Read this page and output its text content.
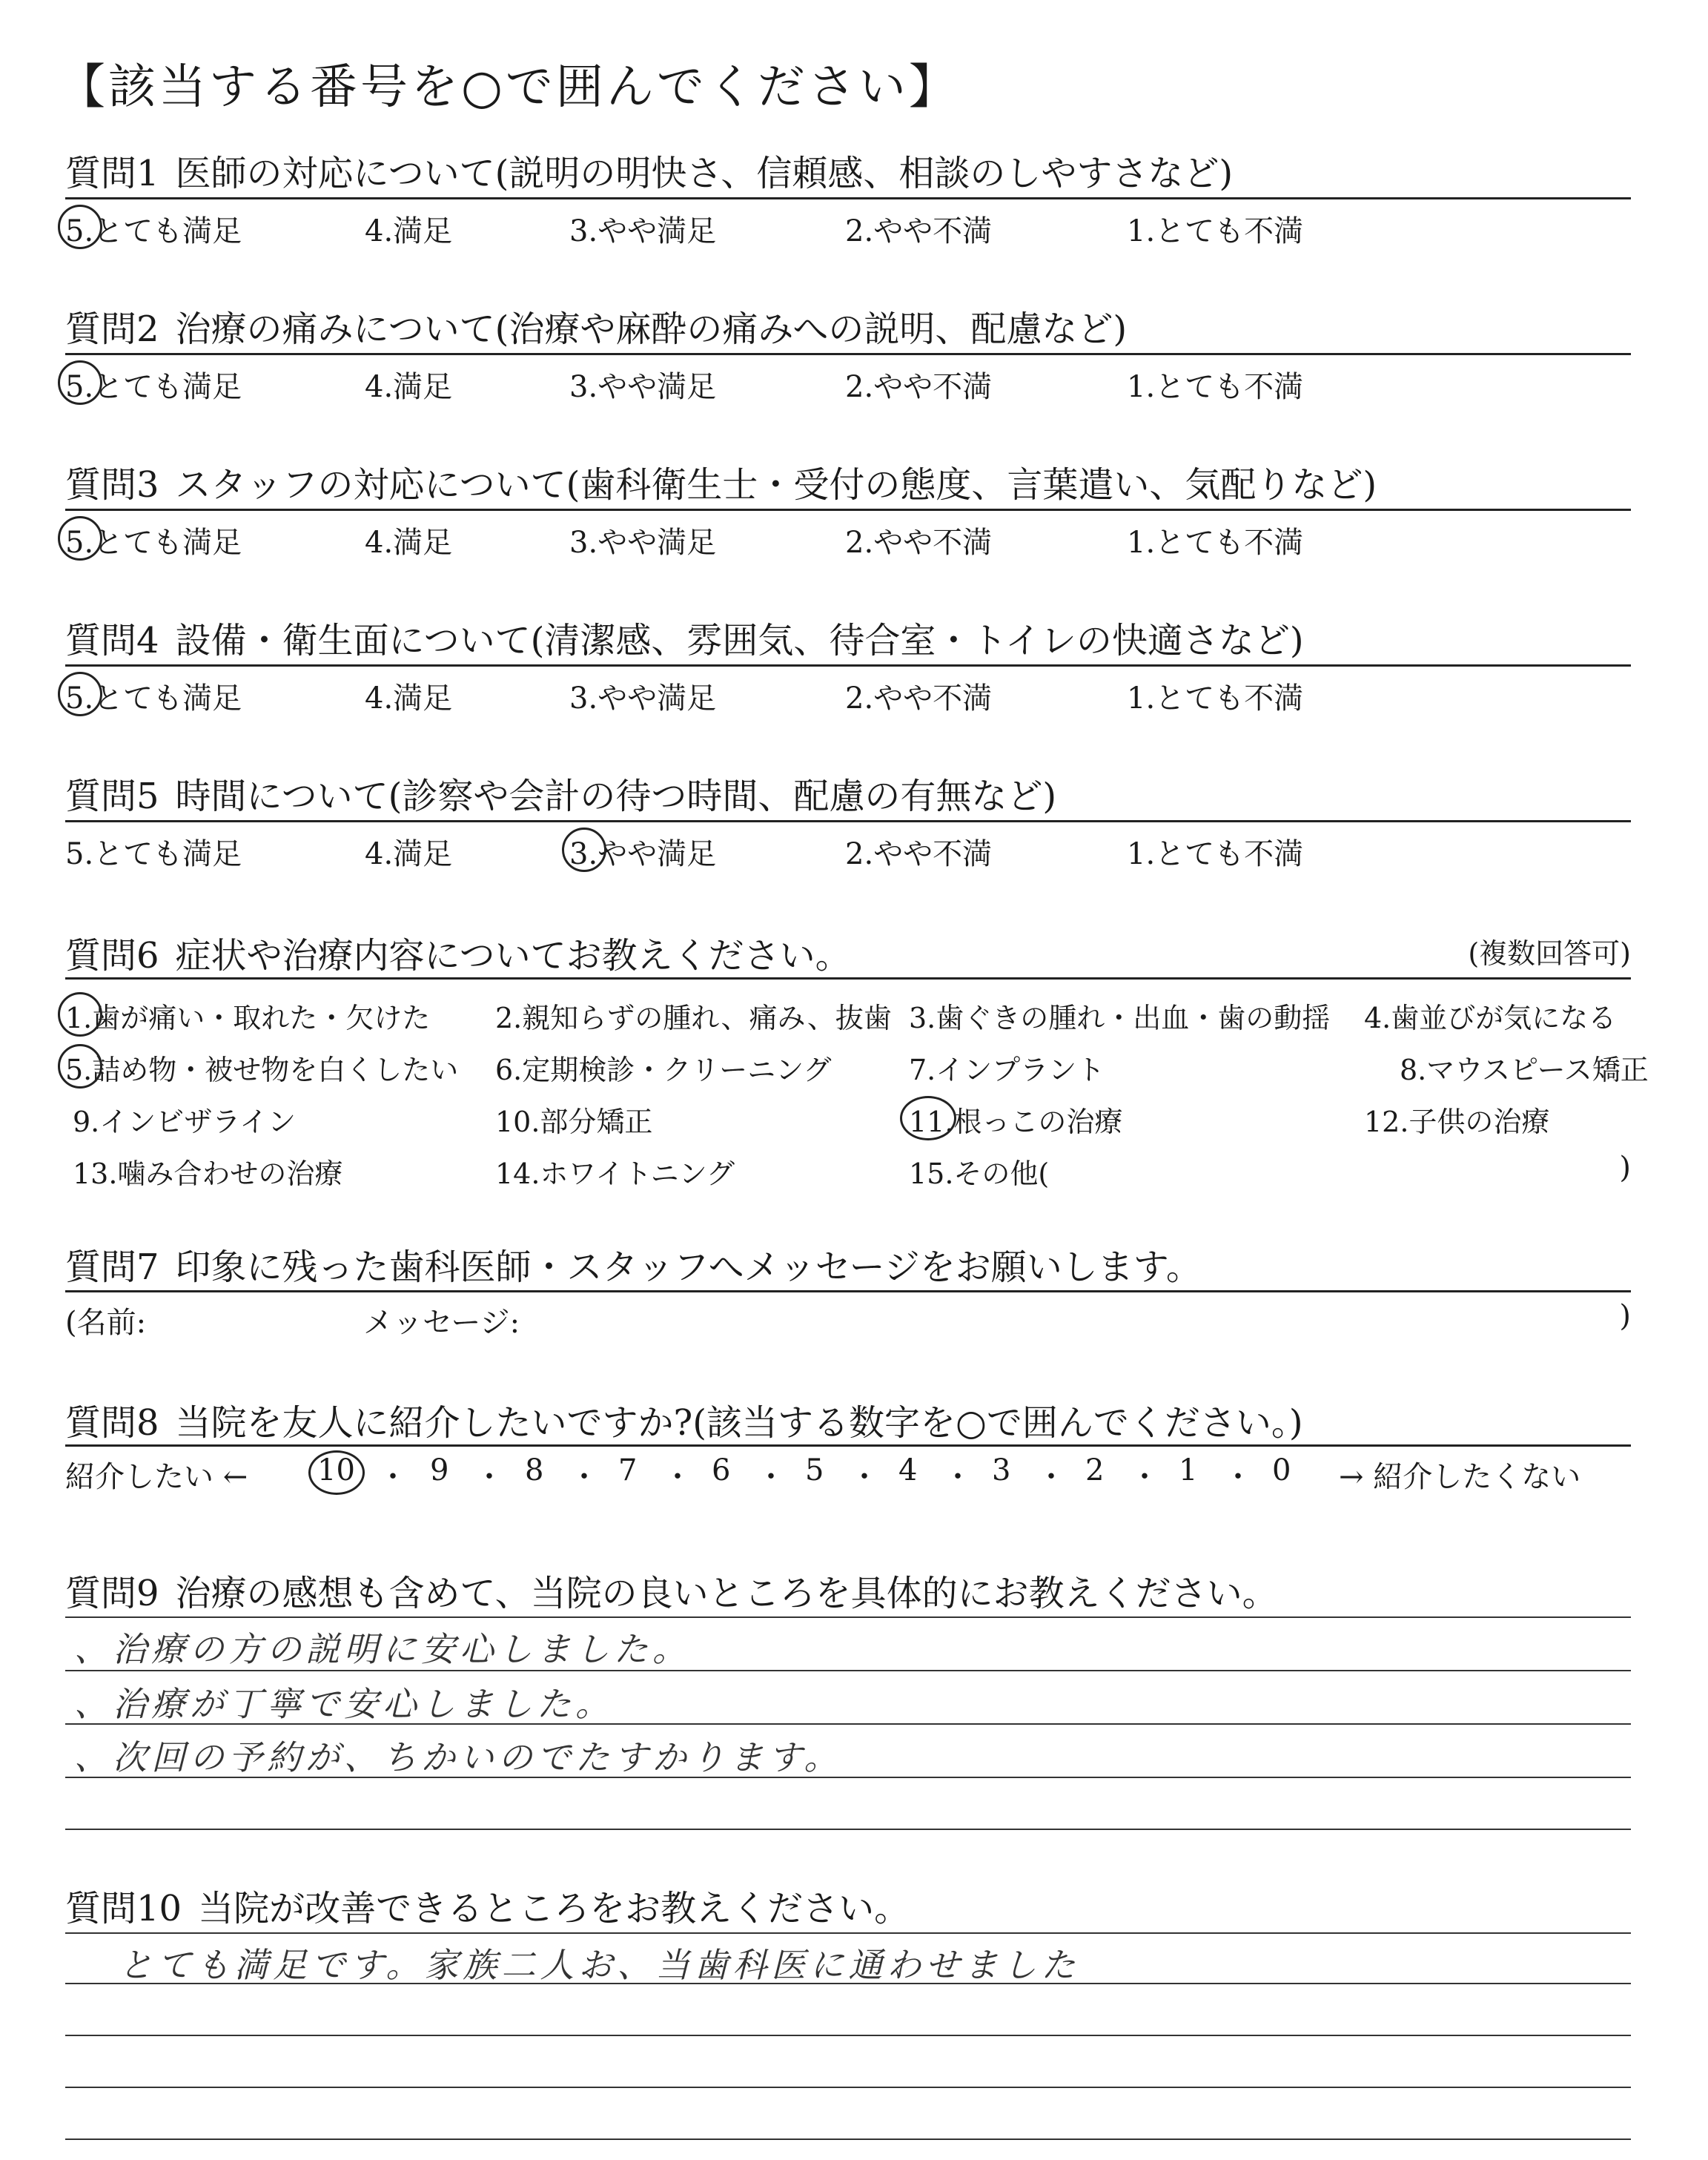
【該当する番号を○で囲んでください】
質問1 医師の対応について(説明の明快さ、信頼感、相談のしやすさなど)
5.とても満足	4.満足	3.やや満足	2.やや不満	1.とても不満
質問2 治療の痛みについて(治療や麻酔の痛みへの説明、配慮など)
5.とても満足	4.満足	3.やや満足	2.やや不満	1.とても不満
質問3 スタッフの対応について(歯科衛生士・受付の態度、言葉遣い、気配りなど)
5.とても満足	4.満足	3.やや満足	2.やや不満	1.とても不満
質問4 設備・衛生面について(清潔感、雰囲気、待合室・トイレの快適さなど)
5.とても満足	4.満足	3.やや満足	2.やや不満	1.とても不満
質問5 時間について(診察や会計の待つ時間、配慮の有無など)
5.とても満足	4.満足	3.やや満足	2.やや不満	1.とても不満
質問6 症状や治療内容についてお教えください。	(複数回答可)
1.歯が痛い・取れた・欠けた 2.親知らずの腫れ、痛み、抜歯 3.歯ぐきの腫れ・出血・歯の動揺 4.歯並びが気になる
5.詰め物・被せ物を白くしたい 6.定期検診・クリーニング	7.インプラント	8.マウスピース矯正
9.インビザライン	10.部分矯正	11.根っこの治療	12.子供の治療
13.噛み合わせの治療	14.ホワイトニング	15.その他(	)
質問7 印象に残った歯科医師・スタッフへメッセージをお願いします。
(名前:	メッセージ:	)
質問8 当院を友人に紹介したいですか?(該当する数字を○で囲んでください。)
紹介したい ← 10 ・ 9 ・ 8 ・ 7 ・ 6 ・ 5 ・ 4 ・ 3 ・ 2 ・ 1 ・ 0 → 紹介したくない
質問9 治療の感想も含めて、当院の良いところを具体的にお教えください。
、治療の方の説明に安心しました。
、治療が丁寧で安心しました。
、次回の予約が、ちかいのでたすかります。
質問10 当院が改善できるところをお教えください。
とても満足です。家族二人お、当歯科医に通わせました
